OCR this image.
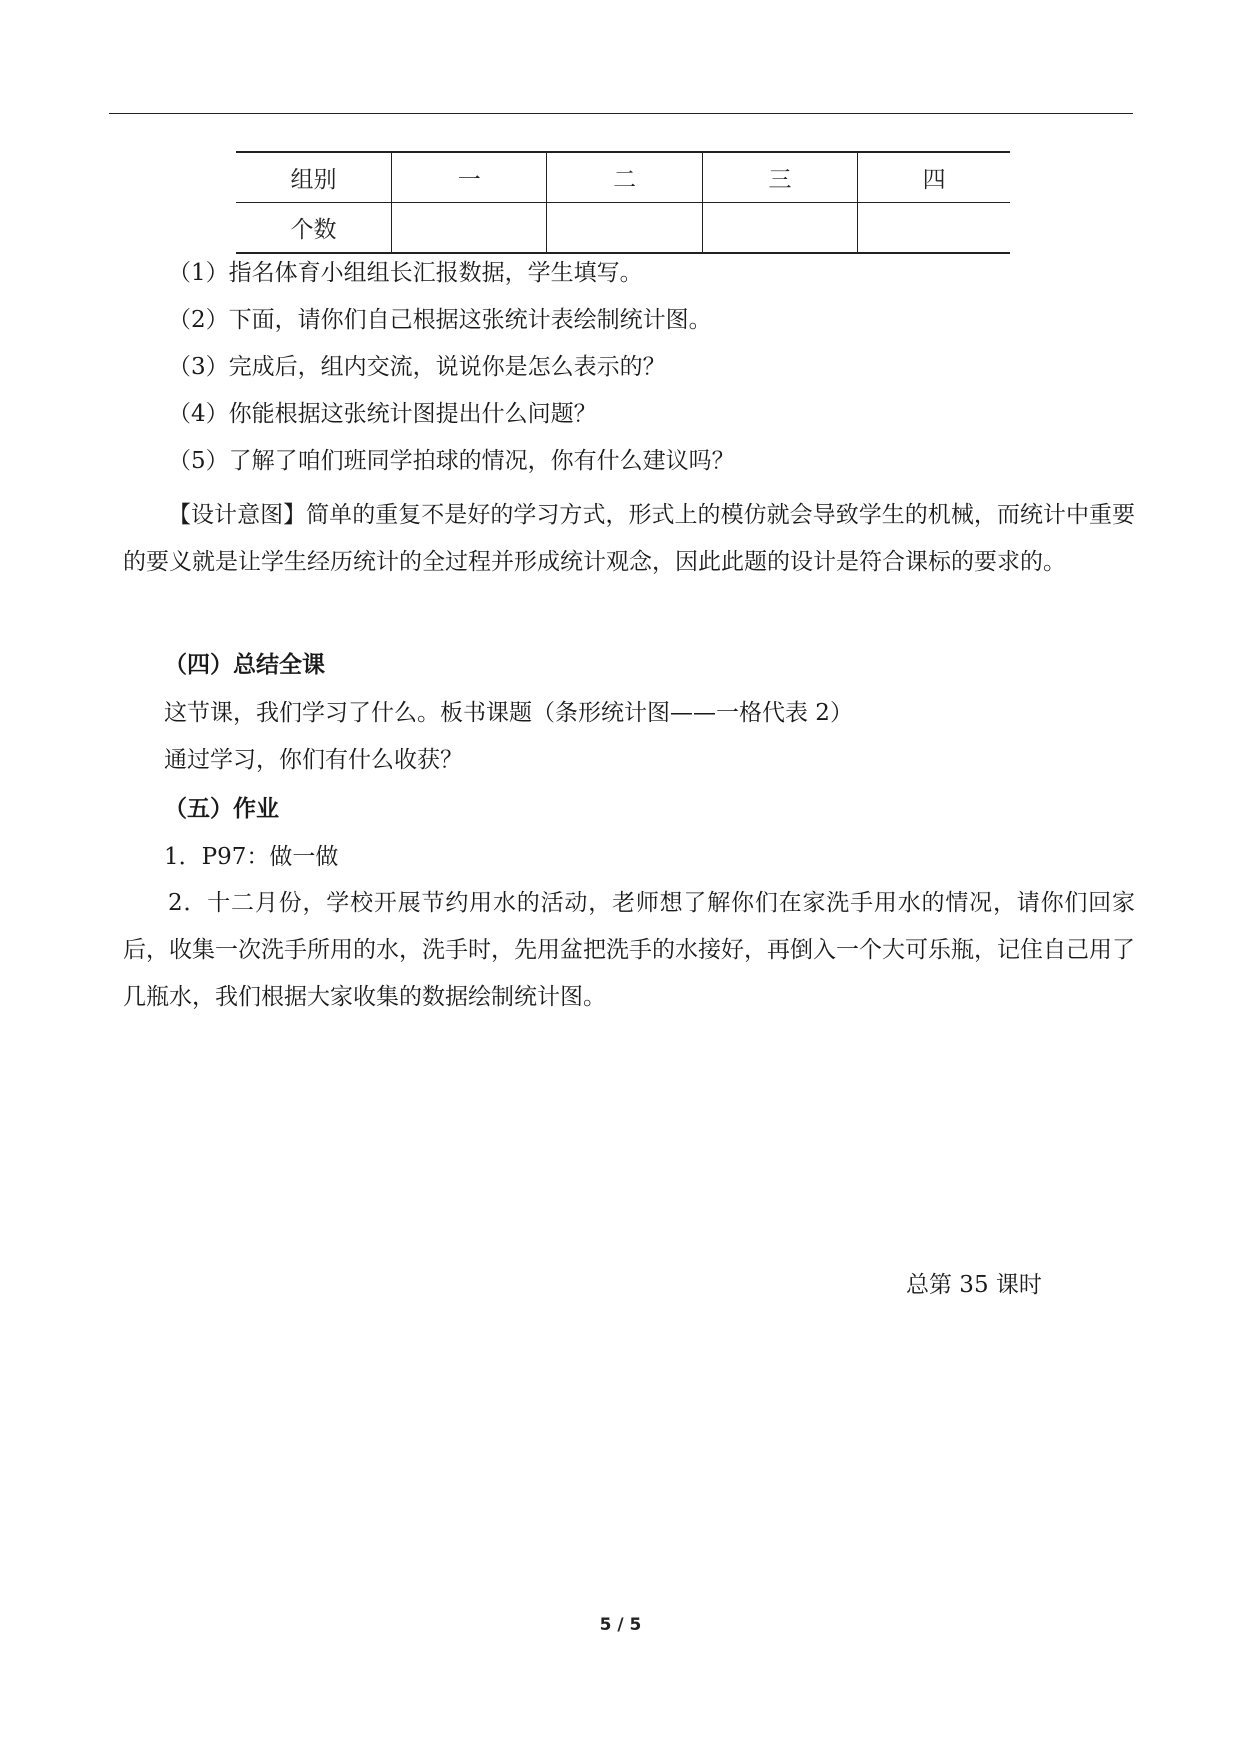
组别	一	二	三	四
个数				
（1）指名体育小组组长汇报数据，学生填写。
（2）下面，请你们自己根据这张统计表绘制统计图。
（3）完成后，组内交流，说说你是怎么表示的？
（4）你能根据这张统计图提出什么问题？
（5）了解了咱们班同学拍球的情况，你有什么建议吗？
【设计意图】简单的重复不是好的学习方式，形式上的模仿就会导致学生的机械，而统计中重要的要义就是让学生经历统计的全过程并形成统计观念，因此此题的设计是符合课标的要求的。
（四）总结全课
这节课，我们学习了什么。板书课题（条形统计图——一格代表 2）
通过学习，你们有什么收获？
（五）作业
1．P97：做一做
2．十二月份，学校开展节约用水的活动，老师想了解你们在家洗手用水的情况，请你们回家后，收集一次洗手所用的水，洗手时，先用盆把洗手的水接好，再倒入一个大可乐瓶，记住自己用了几瓶水，我们根据大家收集的数据绘制统计图。
总第 35 课时
5 / 5
